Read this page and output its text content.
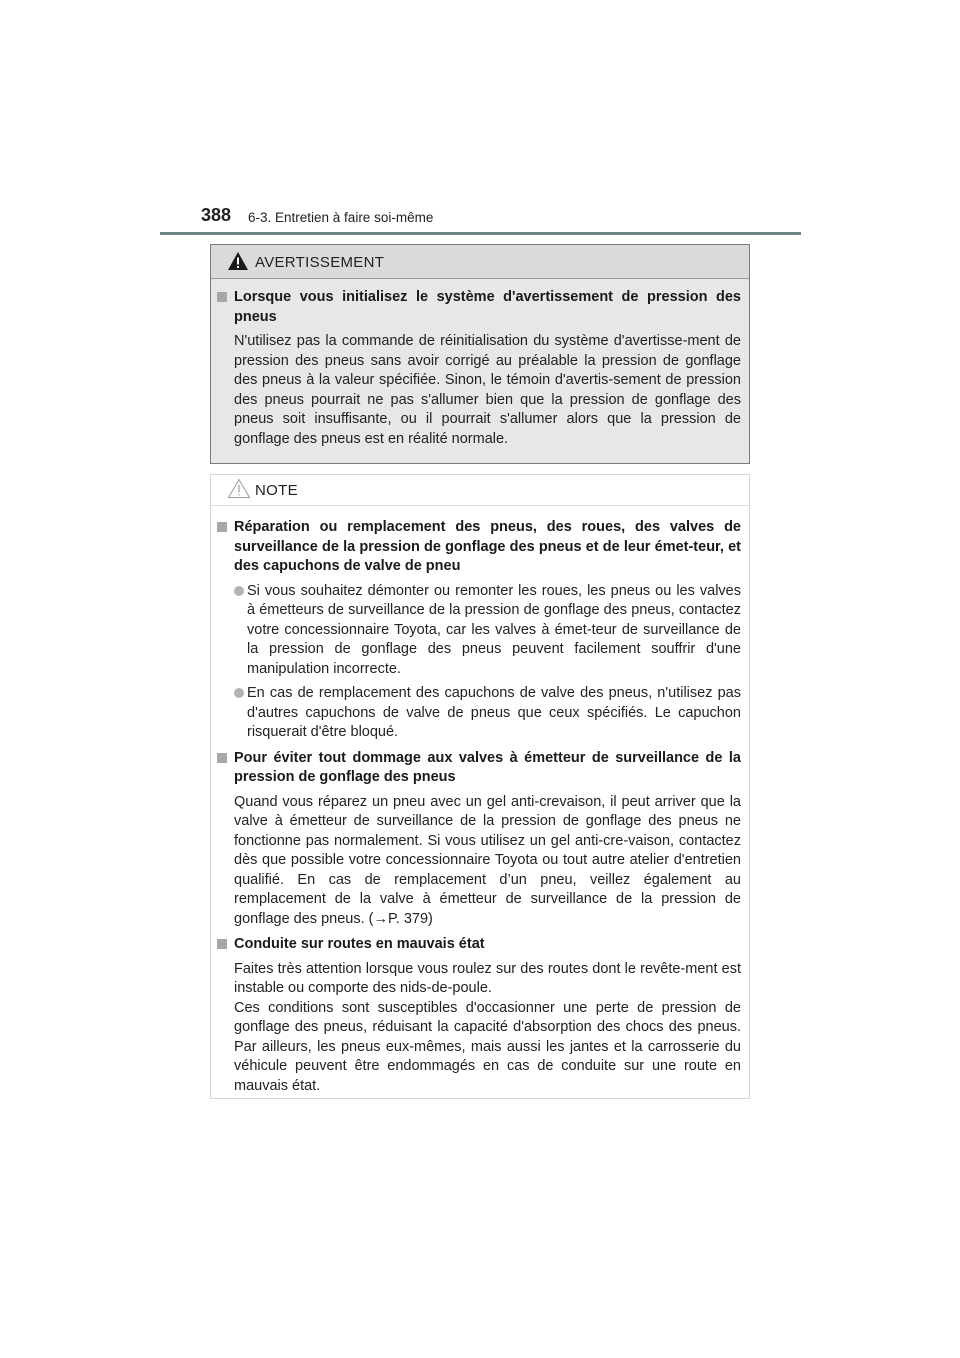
388 6-3. Entretien à faire soi-même
AVERTISSEMENT
Lorsque vous initialisez le système d'avertissement de pression des pneus
N'utilisez pas la commande de réinitialisation du système d'avertisse-ment de pression des pneus sans avoir corrigé au préalable la pression de gonflage des pneus à la valeur spécifiée. Sinon, le témoin d'avertis-sement de pression des pneus pourrait ne pas s'allumer bien que la pression de gonflage des pneus soit insuffisante, ou il pourrait s'allumer alors que la pression de gonflage des pneus est en réalité normale.
NOTE
Réparation ou remplacement des pneus, des roues, des valves de surveillance de la pression de gonflage des pneus et de leur émet-teur, et des capuchons de valve de pneu
Si vous souhaitez démonter ou remonter les roues, les pneus ou les valves à émetteurs de surveillance de la pression de gonflage des pneus, contactez votre concessionnaire Toyota, car les valves à émet-teur de surveillance de la pression de gonflage des pneus peuvent facilement souffrir d'une manipulation incorrecte.
En cas de remplacement des capuchons de valve des pneus, n'utilisez pas d'autres capuchons de valve de pneus que ceux spécifiés. Le capuchon risquerait d'être bloqué.
Pour éviter tout dommage aux valves à émetteur de surveillance de la pression de gonflage des pneus
Quand vous réparez un pneu avec un gel anti-crevaison, il peut arriver que la valve à émetteur de surveillance de la pression de gonflage des pneus ne fonctionne pas normalement. Si vous utilisez un gel anti-cre-vaison, contactez dès que possible votre concessionnaire Toyota ou tout autre atelier d'entretien qualifié. En cas de remplacement d’un pneu, veillez également au remplacement de la valve à émetteur de surveillance de la pression de gonflage des pneus. (→P. 379)
Conduite sur routes en mauvais état
Faites très attention lorsque vous roulez sur des routes dont le revête-ment est instable ou comporte des nids-de-poule.
Ces conditions sont susceptibles d'occasionner une perte de pression de gonflage des pneus, réduisant la capacité d'absorption des chocs des pneus. Par ailleurs, les pneus eux-mêmes, mais aussi les jantes et la carrosserie du véhicule peuvent être endommagés en cas de conduite sur une route en mauvais état.
